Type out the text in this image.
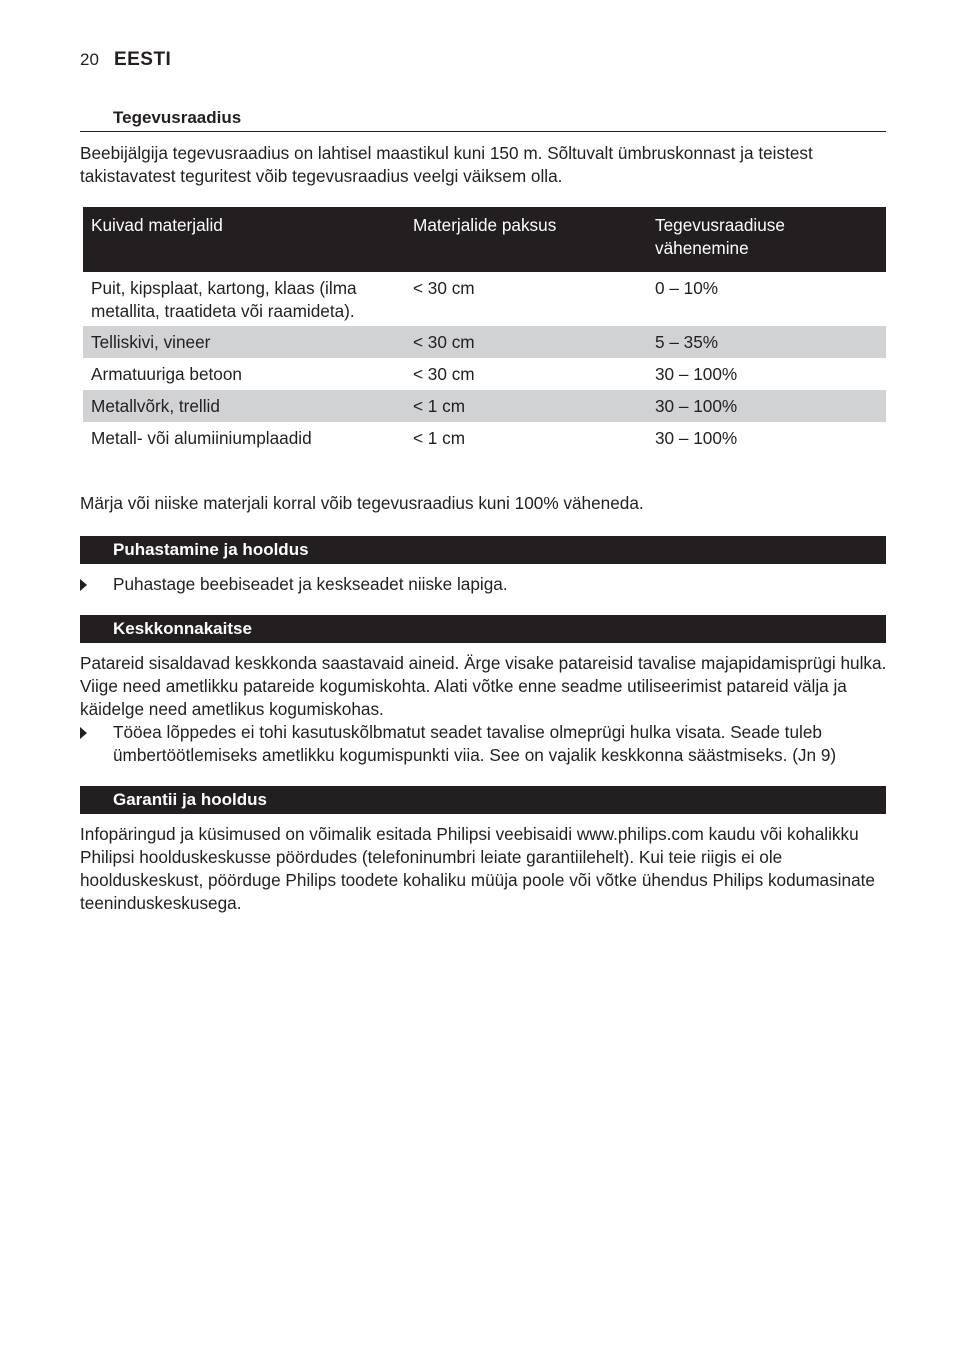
20 EESTI
Tegevusraadius

Beebijälgija tegevusraadius on lahtisel maastikul kuni 150 m. Sõltuvalt ümbruskonnast ja teistest takistavatest teguritest võib tegevusraadius veelgi väiksem olla.

Kuivad materjalid	Materjalide paksus	Tegevusraadiuse vähenemine
Puit, kipsplaat, kartong, klaas (ilma metallita, traatideta või raamideta).	< 30 cm	0 – 10%
Telliskivi, vineer	< 30 cm	5 – 35%
Armatuuriga betoon	< 30 cm	30 – 100%
Metallvõrk, trellid	< 1 cm	30 – 100%
Metall- või alumiiniumplaadid	< 1 cm	30 – 100%

Märja või niiske materjali korral võib tegevusraadius kuni 100% väheneda.

Puhastamine ja hooldus
Puhastage beebiseadet ja keskseadet niiske lapiga.
Keskkonnakaitse

Patareid sisaldavad keskkonda saastavaid aineid. Ärge visake patareisid tavalise majapidamisprügi hulka. Viige need ametlikku patareide kogumiskohta. Alati võtke enne seadme utiliseerimist patareid välja ja käidelge need ametlikus kogumiskohas.

Tööea lõppedes ei tohi kasutuskõlbmatut seadet tavalise olmeprügi hulka visata. Seade tuleb ümbertöötlemiseks ametlikku kogumispunkti viia. See on vajalik keskkonna säästmiseks. (Jn 9)
Garantii ja hooldus

Infopäringud ja küsimused on võimalik esitada Philipsi veebisaidi www.philips.com kaudu või kohalikku Philipsi hoolduskeskusse pöördudes (telefoninumbri leiate garantiilehelt). Kui teie riigis ei ole hoolduskeskust, pöörduge Philips toodete kohaliku müüja poole või võtke ühendus Philips kodumasinate teeninduskeskusega.
